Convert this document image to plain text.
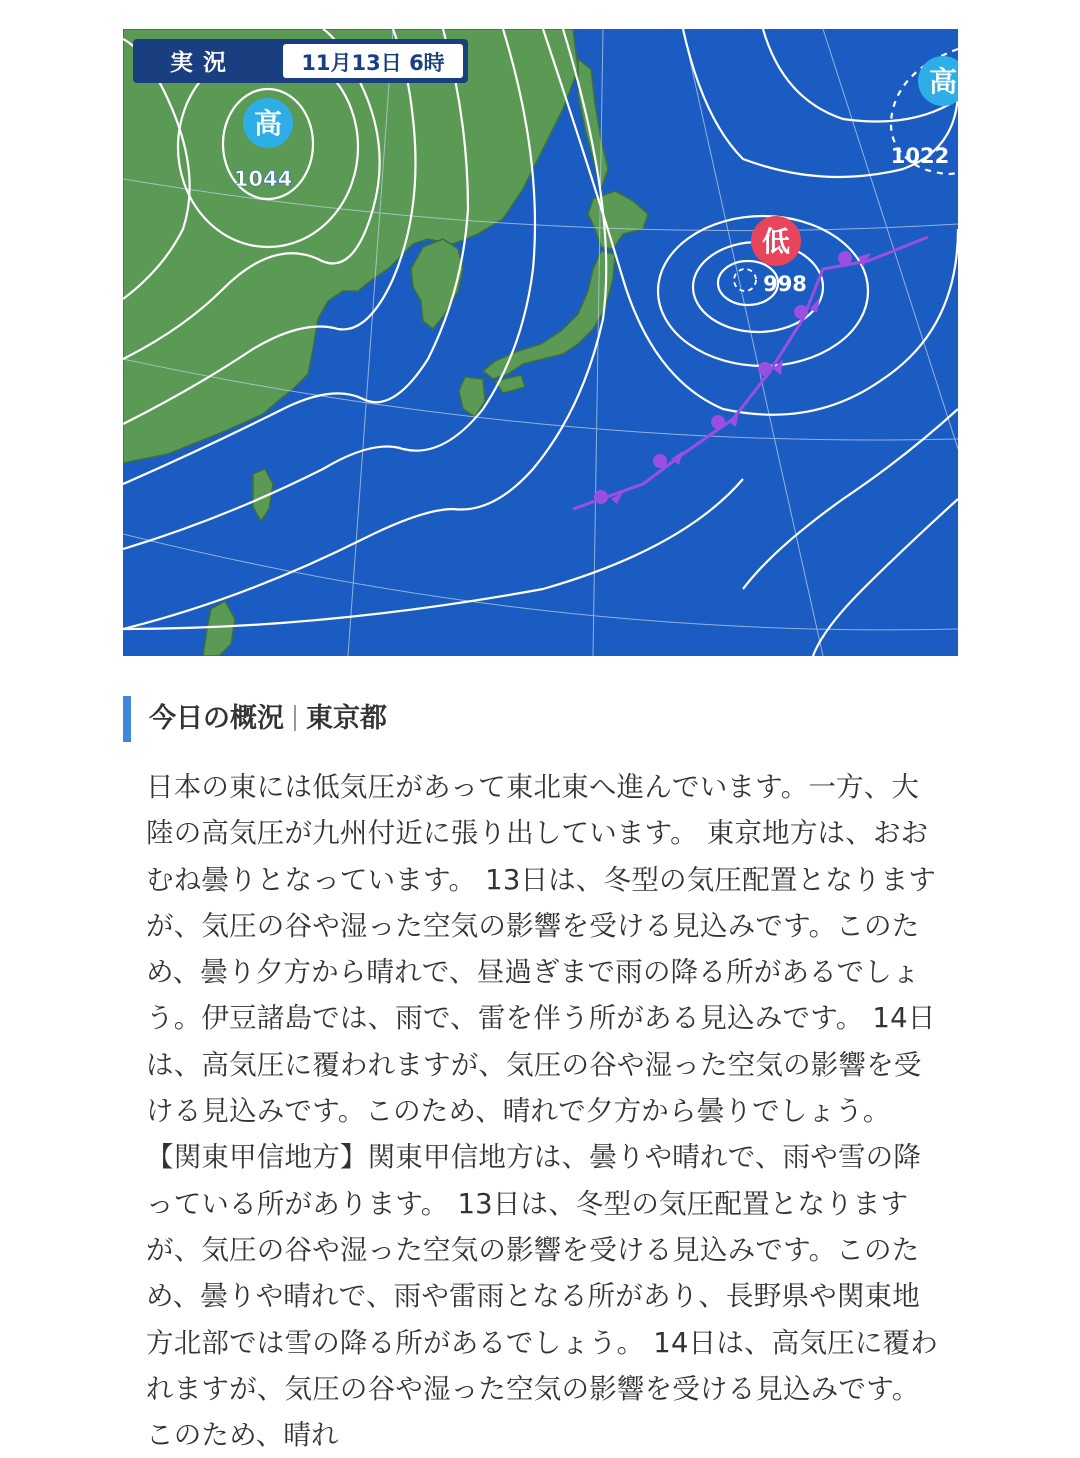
高
1044
高
1022
低
998
実況	11月13日 6時
今日の概況 東京都
日本の東には低気圧があって東北東へ進んでいます。一方、大陸の高気圧が九州付近に張り出しています。 東京地方は、おおむね曇りとなっています。 13日は、冬型の気圧配置となりますが、気圧の谷や湿った空気の影響を受ける見込みです。このため、曇り夕方から晴れで、昼過ぎまで雨の降る所があるでしょう。伊豆諸島では、雨で、雷を伴う所がある見込みです。 14日は、高気圧に覆われますが、気圧の谷や湿った空気の影響を受ける見込みです。このため、晴れで夕方から曇りでしょう。 【関東甲信地方】関東甲信地方は、曇りや晴れで、雨や雪の降っている所があります。 13日は、冬型の気圧配置となりますが、気圧の谷や湿った空気の影響を受ける見込みです。このため、曇りや晴れで、雨や雷雨となる所があり、長野県や関東地方北部では雪の降る所があるでしょう。 14日は、高気圧に覆われますが、気圧の谷や湿った空気の影響を受ける見込みです。このため、晴れ
